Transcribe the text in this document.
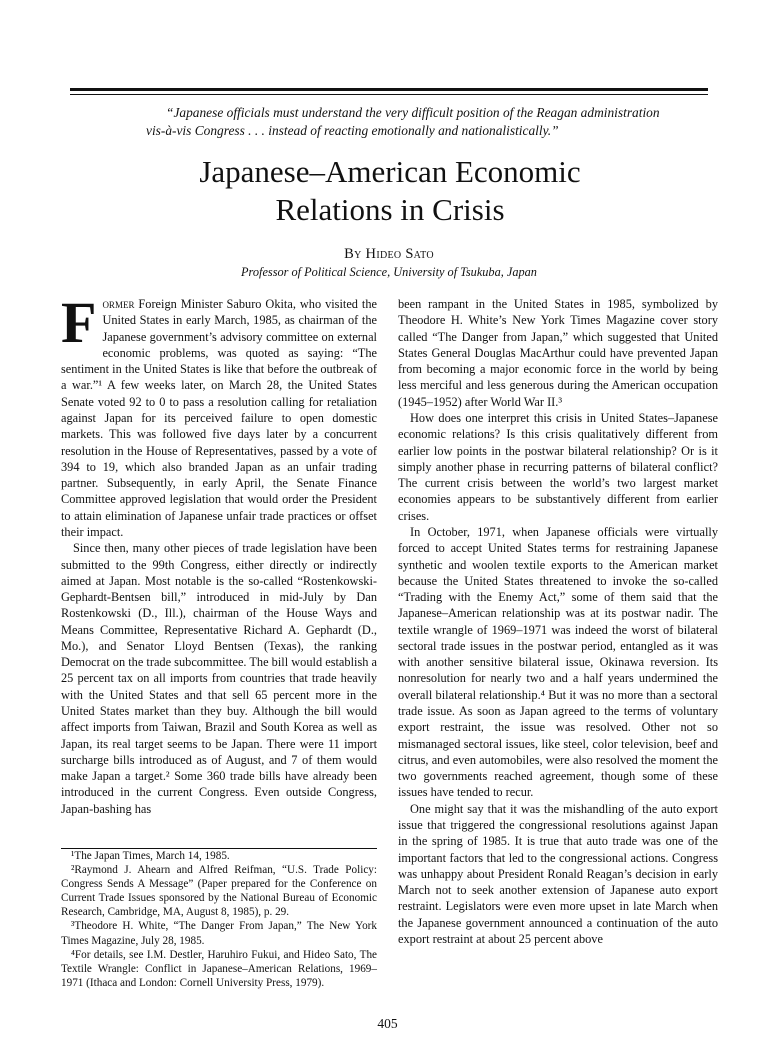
“Japanese officials must understand the very difficult position of the Reagan administration
vis-à-vis Congress . . . instead of reacting emotionally and nationalistically.”
Japanese–American Economic
Relations in Crisis
By Hideo Sato
Professor of Political Science, University of Tsukuba, Japan

Former Foreign Minister Saburo Okita, who visited the United States in early March, 1985, as chairman of the Japanese government’s advisory committee on external economic problems, was quoted as saying: “The sentiment in the United States is like that before the outbreak of a war.”¹ A few weeks later, on March 28, the United States Senate voted 92 to 0 to pass a resolution calling for retaliation against Japan for its perceived failure to open domestic markets. This was followed five days later by a concurrent resolution in the House of Representatives, passed by a vote of 394 to 19, which also branded Japan as an unfair trading partner. Subsequently, in early April, the Senate Finance Committee approved legislation that would order the President to attain elimination of Japanese unfair trade practices or offset their impact.

Since then, many other pieces of trade legislation have been submitted to the 99th Congress, either directly or indirectly aimed at Japan. Most notable is the so-called “Rostenkowski-Gephardt-Bentsen bill,” introduced in mid-July by Dan Rostenkowski (D., Ill.), chairman of the House Ways and Means Committee, Representative Richard A. Gephardt (D., Mo.), and Senator Lloyd Bentsen (Texas), the ranking Democrat on the trade subcommittee. The bill would establish a 25 percent tax on all imports from countries that trade heavily with the United States and that sell 65 percent more in the United States market than they buy. Although the bill would affect imports from Taiwan, Brazil and South Korea as well as Japan, its real target seems to be Japan. There were 11 import surcharge bills introduced as of August, and 7 of them would make Japan a target.² Some 360 trade bills have already been introduced in the current Congress. Even outside Congress, Japan-bashing has

¹The Japan Times, March 14, 1985.

²Raymond J. Ahearn and Alfred Reifman, “U.S. Trade Policy: Congress Sends A Message” (Paper prepared for the Conference on Current Trade Issues sponsored by the National Bureau of Economic Research, Cambridge, MA, August 8, 1985), p. 29.

³Theodore H. White, “The Danger From Japan,” The New York Times Magazine, July 28, 1985.

⁴For details, see I.M. Destler, Haruhiro Fukui, and Hideo Sato, The Textile Wrangle: Conflict in Japanese–American Relations, 1969–1971 (Ithaca and London: Cornell University Press, 1979).

been rampant in the United States in 1985, symbolized by Theodore H. White’s New York Times Magazine cover story called “The Danger from Japan,” which suggested that United States General Douglas MacArthur could have prevented Japan from becoming a major economic force in the world by being less merciful and less generous during the American occupation (1945–1952) after World War II.³

How does one interpret this crisis in United States–Japanese economic relations? Is this crisis qualitatively different from earlier low points in the postwar bilateral relationship? Or is it simply another phase in recurring patterns of bilateral conflict? The current crisis between the world’s two largest market economies appears to be substantively different from earlier crises.

In October, 1971, when Japanese officials were virtually forced to accept United States terms for restraining Japanese synthetic and woolen textile exports to the American market because the United States threatened to invoke the so-called “Trading with the Enemy Act,” some of them said that the Japanese–American relationship was at its postwar nadir. The textile wrangle of 1969–1971 was indeed the worst of bilateral sectoral trade issues in the postwar period, entangled as it was with another sensitive bilateral issue, Okinawa reversion. Its nonresolution for nearly two and a half years undermined the overall bilateral relationship.⁴ But it was no more than a sectoral trade issue. As soon as Japan agreed to the terms of voluntary export restraint, the issue was resolved. Other not so mismanaged sectoral issues, like steel, color television, beef and citrus, and even automobiles, were also resolved the moment the two governments reached agreement, though some of these issues have tended to recur.

One might say that it was the mishandling of the auto export issue that triggered the congressional resolutions against Japan in the spring of 1985. It is true that auto trade was one of the important factors that led to the congressional actions. Congress was unhappy about President Ronald Reagan’s decision in early March not to seek another extension of Japanese auto export restraint. Legislators were even more upset in late March when the Japanese government announced a continuation of the auto export restraint at about 25 percent above

405
